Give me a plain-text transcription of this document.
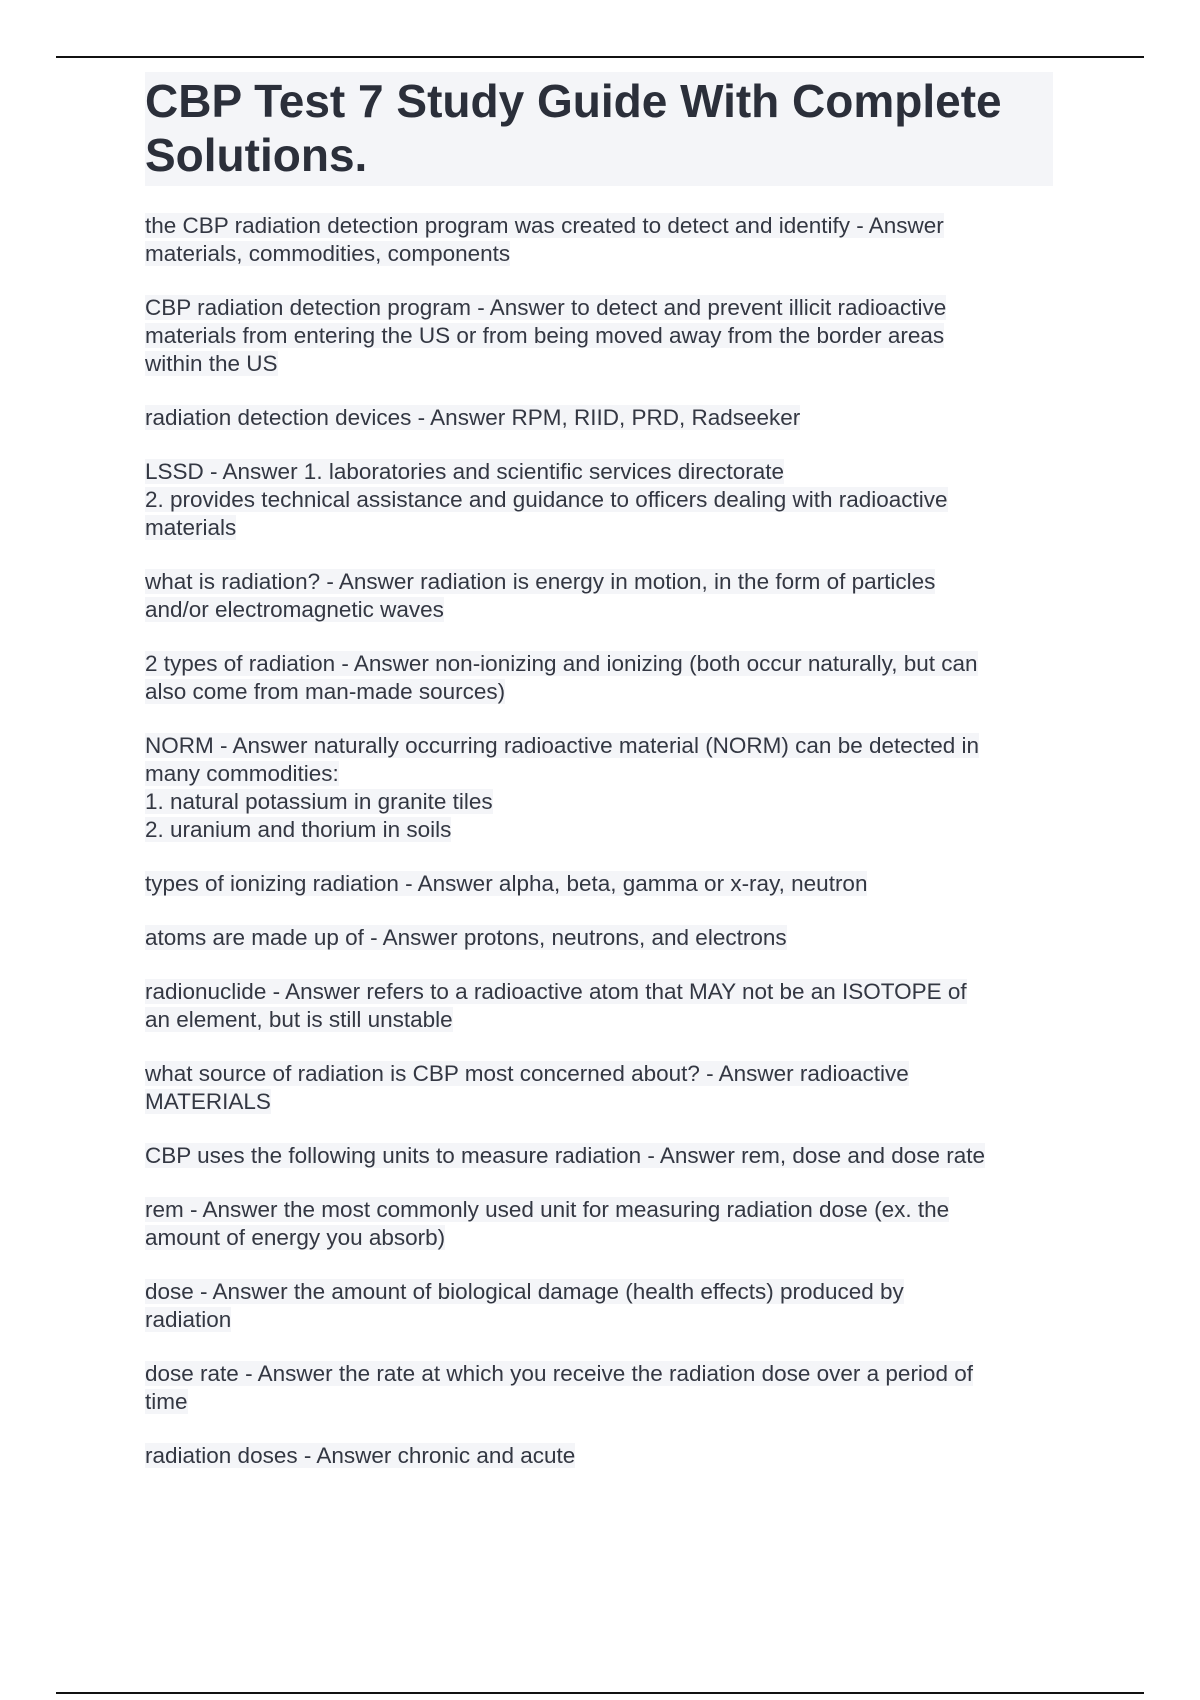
CBP Test 7 Study Guide With Complete Solutions.

the CBP radiation detection program was created to detect and identify - Answer
materials, commodities, components

CBP radiation detection program - Answer to detect and prevent illicit radioactive
materials from entering the US or from being moved away from the border areas
within the US

radiation detection devices - Answer RPM, RIID, PRD, Radseeker

LSSD - Answer 1. laboratories and scientific services directorate
2. provides technical assistance and guidance to officers dealing with radioactive
materials

what is radiation? - Answer radiation is energy in motion, in the form of particles
and/or electromagnetic waves

2 types of radiation - Answer non-ionizing and ionizing (both occur naturally, but can
also come from man-made sources)

NORM - Answer naturally occurring radioactive material (NORM) can be detected in
many commodities:
1. natural potassium in granite tiles
2. uranium and thorium in soils

types of ionizing radiation - Answer alpha, beta, gamma or x-ray, neutron

atoms are made up of - Answer protons, neutrons, and electrons

radionuclide - Answer refers to a radioactive atom that MAY not be an ISOTOPE of
an element, but is still unstable

what source of radiation is CBP most concerned about? - Answer radioactive
MATERIALS

CBP uses the following units to measure radiation - Answer rem, dose and dose rate

rem - Answer the most commonly used unit for measuring radiation dose (ex. the
amount of energy you absorb)

dose - Answer the amount of biological damage (health effects) produced by
radiation

dose rate - Answer the rate at which you receive the radiation dose over a period of
time

radiation doses - Answer chronic and acute
